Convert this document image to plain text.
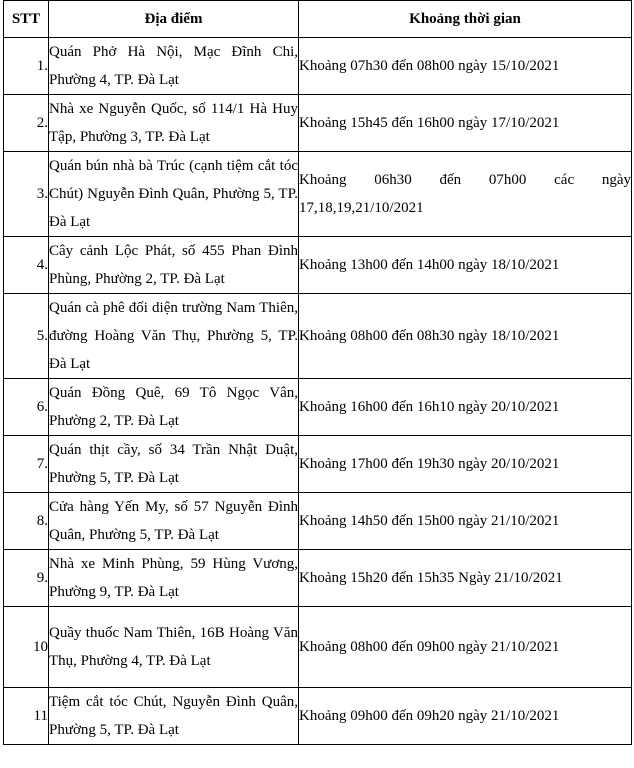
STT	Địa điểm	Khoảng thời gian
1.	Quán Phở Hà Nội, Mạc Đĩnh Chi, Phường 4, TP. Đà Lạt	Khoảng 07h30 đến 08h00 ngày 15/10/2021
2.	Nhà xe Nguyễn Quốc, số 114/1 Hà Huy Tập, Phường 3, TP. Đà Lạt	Khoảng 15h45 đến 16h00 ngày 17/10/2021
3.	Quán bún nhà bà Trúc (cạnh tiệm cắt tóc Chút) Nguyễn Đình Quân, Phường 5, TP. Đà Lạt	Khoảng 06h30 đến 07h00 các ngày 17,18,19,21/10/2021
4.	Cây cảnh Lộc Phát, số 455 Phan Đình Phùng, Phường 2, TP. Đà Lạt	Khoảng 13h00 đến 14h00 ngày 18/10/2021
5.	Quán cà phê đối diện trường Nam Thiên, đường Hoàng Văn Thụ, Phường 5, TP. Đà Lạt	Khoảng 08h00 đến 08h30 ngày 18/10/2021
6.	Quán Đồng Quê, 69 Tô Ngọc Vân, Phường 2, TP. Đà Lạt	Khoảng 16h00 đến 16h10 ngày 20/10/2021
7.	Quán thịt cầy, số 34 Trần Nhật Duật, Phường 5, TP. Đà Lạt	Khoảng 17h00 đến 19h30 ngày 20/10/2021
8.	Cửa hàng Yến My, số 57 Nguyễn Đình Quân, Phường 5, TP. Đà Lạt	Khoảng 14h50 đến 15h00 ngày 21/10/2021
9.	Nhà xe Minh Phùng, 59 Hùng Vương, Phường 9, TP. Đà Lạt	Khoảng 15h20 đến 15h35 Ngày 21/10/2021
10	Quầy thuốc Nam Thiên, 16B Hoàng Văn Thụ, Phường 4, TP. Đà Lạt	Khoảng 08h00 đến 09h00 ngày 21/10/2021
11	Tiệm cắt tóc Chút, Nguyễn Đình Quân, Phường 5, TP. Đà Lạt	Khoảng 09h00 đến 09h20 ngày 21/10/2021
